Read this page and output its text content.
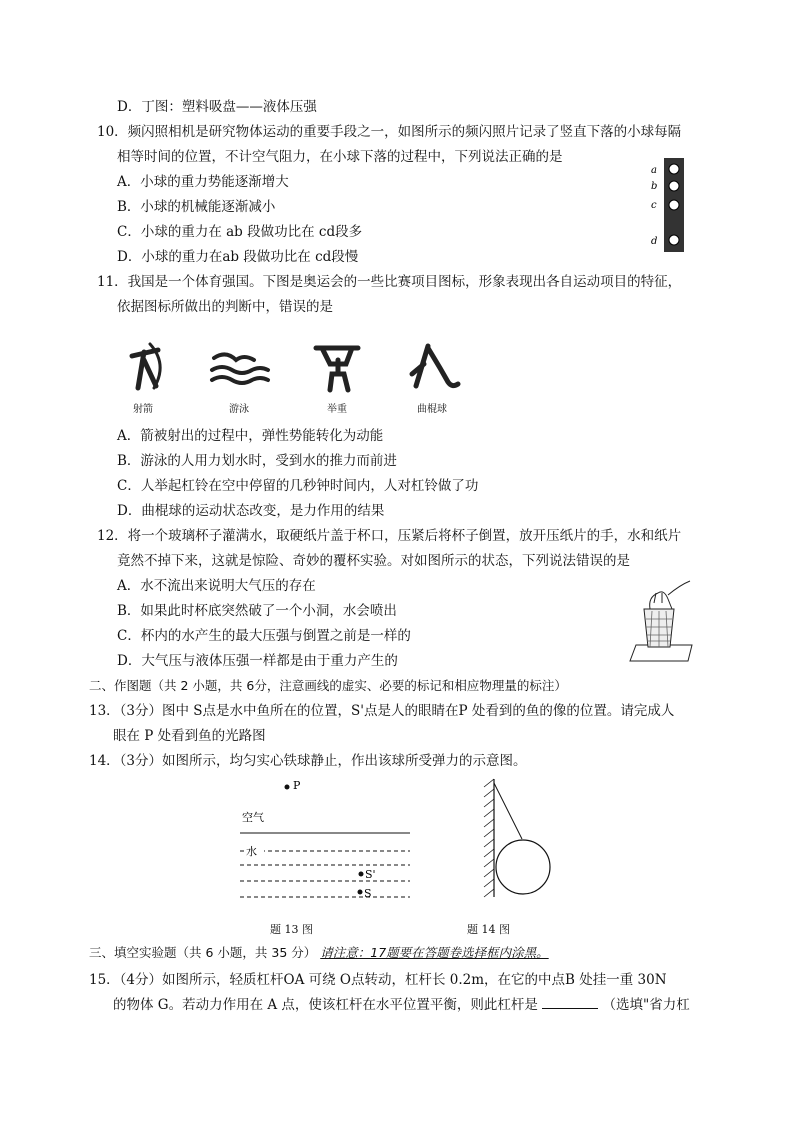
D．丁图：塑料吸盘——液体压强
10．频闪照相机是研究物体运动的重要手段之一，如图所示的频闪照片记录了竖直下落的小球每隔
相等时间的位置，不计空气阻力，在小球下落的过程中，下列说法正确的是
A．小球的重力势能逐渐增大
B．小球的机械能逐渐减小
C．小球的重力在 ab 段做功比在 cd段多
D．小球的重力在ab 段做功比在 cd段慢
a
b
c
d
11．我国是一个体育强国。下图是奥运会的一些比赛项目图标，形象表现出各自运动项目的特征，
依据图标所做出的判断中，错误的是
射箭	游泳	举重	曲棍球
A．箭被射出的过程中，弹性势能转化为动能
B．游泳的人用力划水时，受到水的推力而前进
C．人举起杠铃在空中停留的几秒钟时间内，人对杠铃做了功
D．曲棍球的运动状态改变，是力作用的结果
12．将一个玻璃杯子灌满水，取硬纸片盖于杯口，压紧后将杯子倒置，放开压纸片的手，水和纸片
竟然不掉下来，这就是惊险、奇妙的覆杯实验。对如图所示的状态，下列说法错误的是
A．水不流出来说明大气压的存在
B．如果此时杯底突然破了一个小洞，水会喷出
C．杯内的水产生的最大压强与倒置之前是一样的
D．大气压与液体压强一样都是由于重力产生的
二、作图题（共 2 小题，共 6分，注意画线的虚实、必要的标记和相应物理量的标注）
13．（3分）图中 S点是水中鱼所在的位置，S'点是人的眼睛在P 处看到的鱼的像的位置。请完成人
眼在 P 处看到鱼的光路图
14．（3分）如图所示，均匀实心铁球静止，作出该球所受弹力的示意图。
P
空气
水
S'
S
题 13 图	题 14 图
三、填空实验题（共 6 小题，共 35 分） 请注意：17题要在答题卷选择框内涂黑。
15．（4分）如图所示，轻质杠杆OA 可绕 O点转动，杠杆长 0.2m，在它的中点B 处挂一重 30N
的物体 G。若动力作用在 A 点，使该杠杆在水平位置平衡，则此杠杆是	（选填"省力杠
